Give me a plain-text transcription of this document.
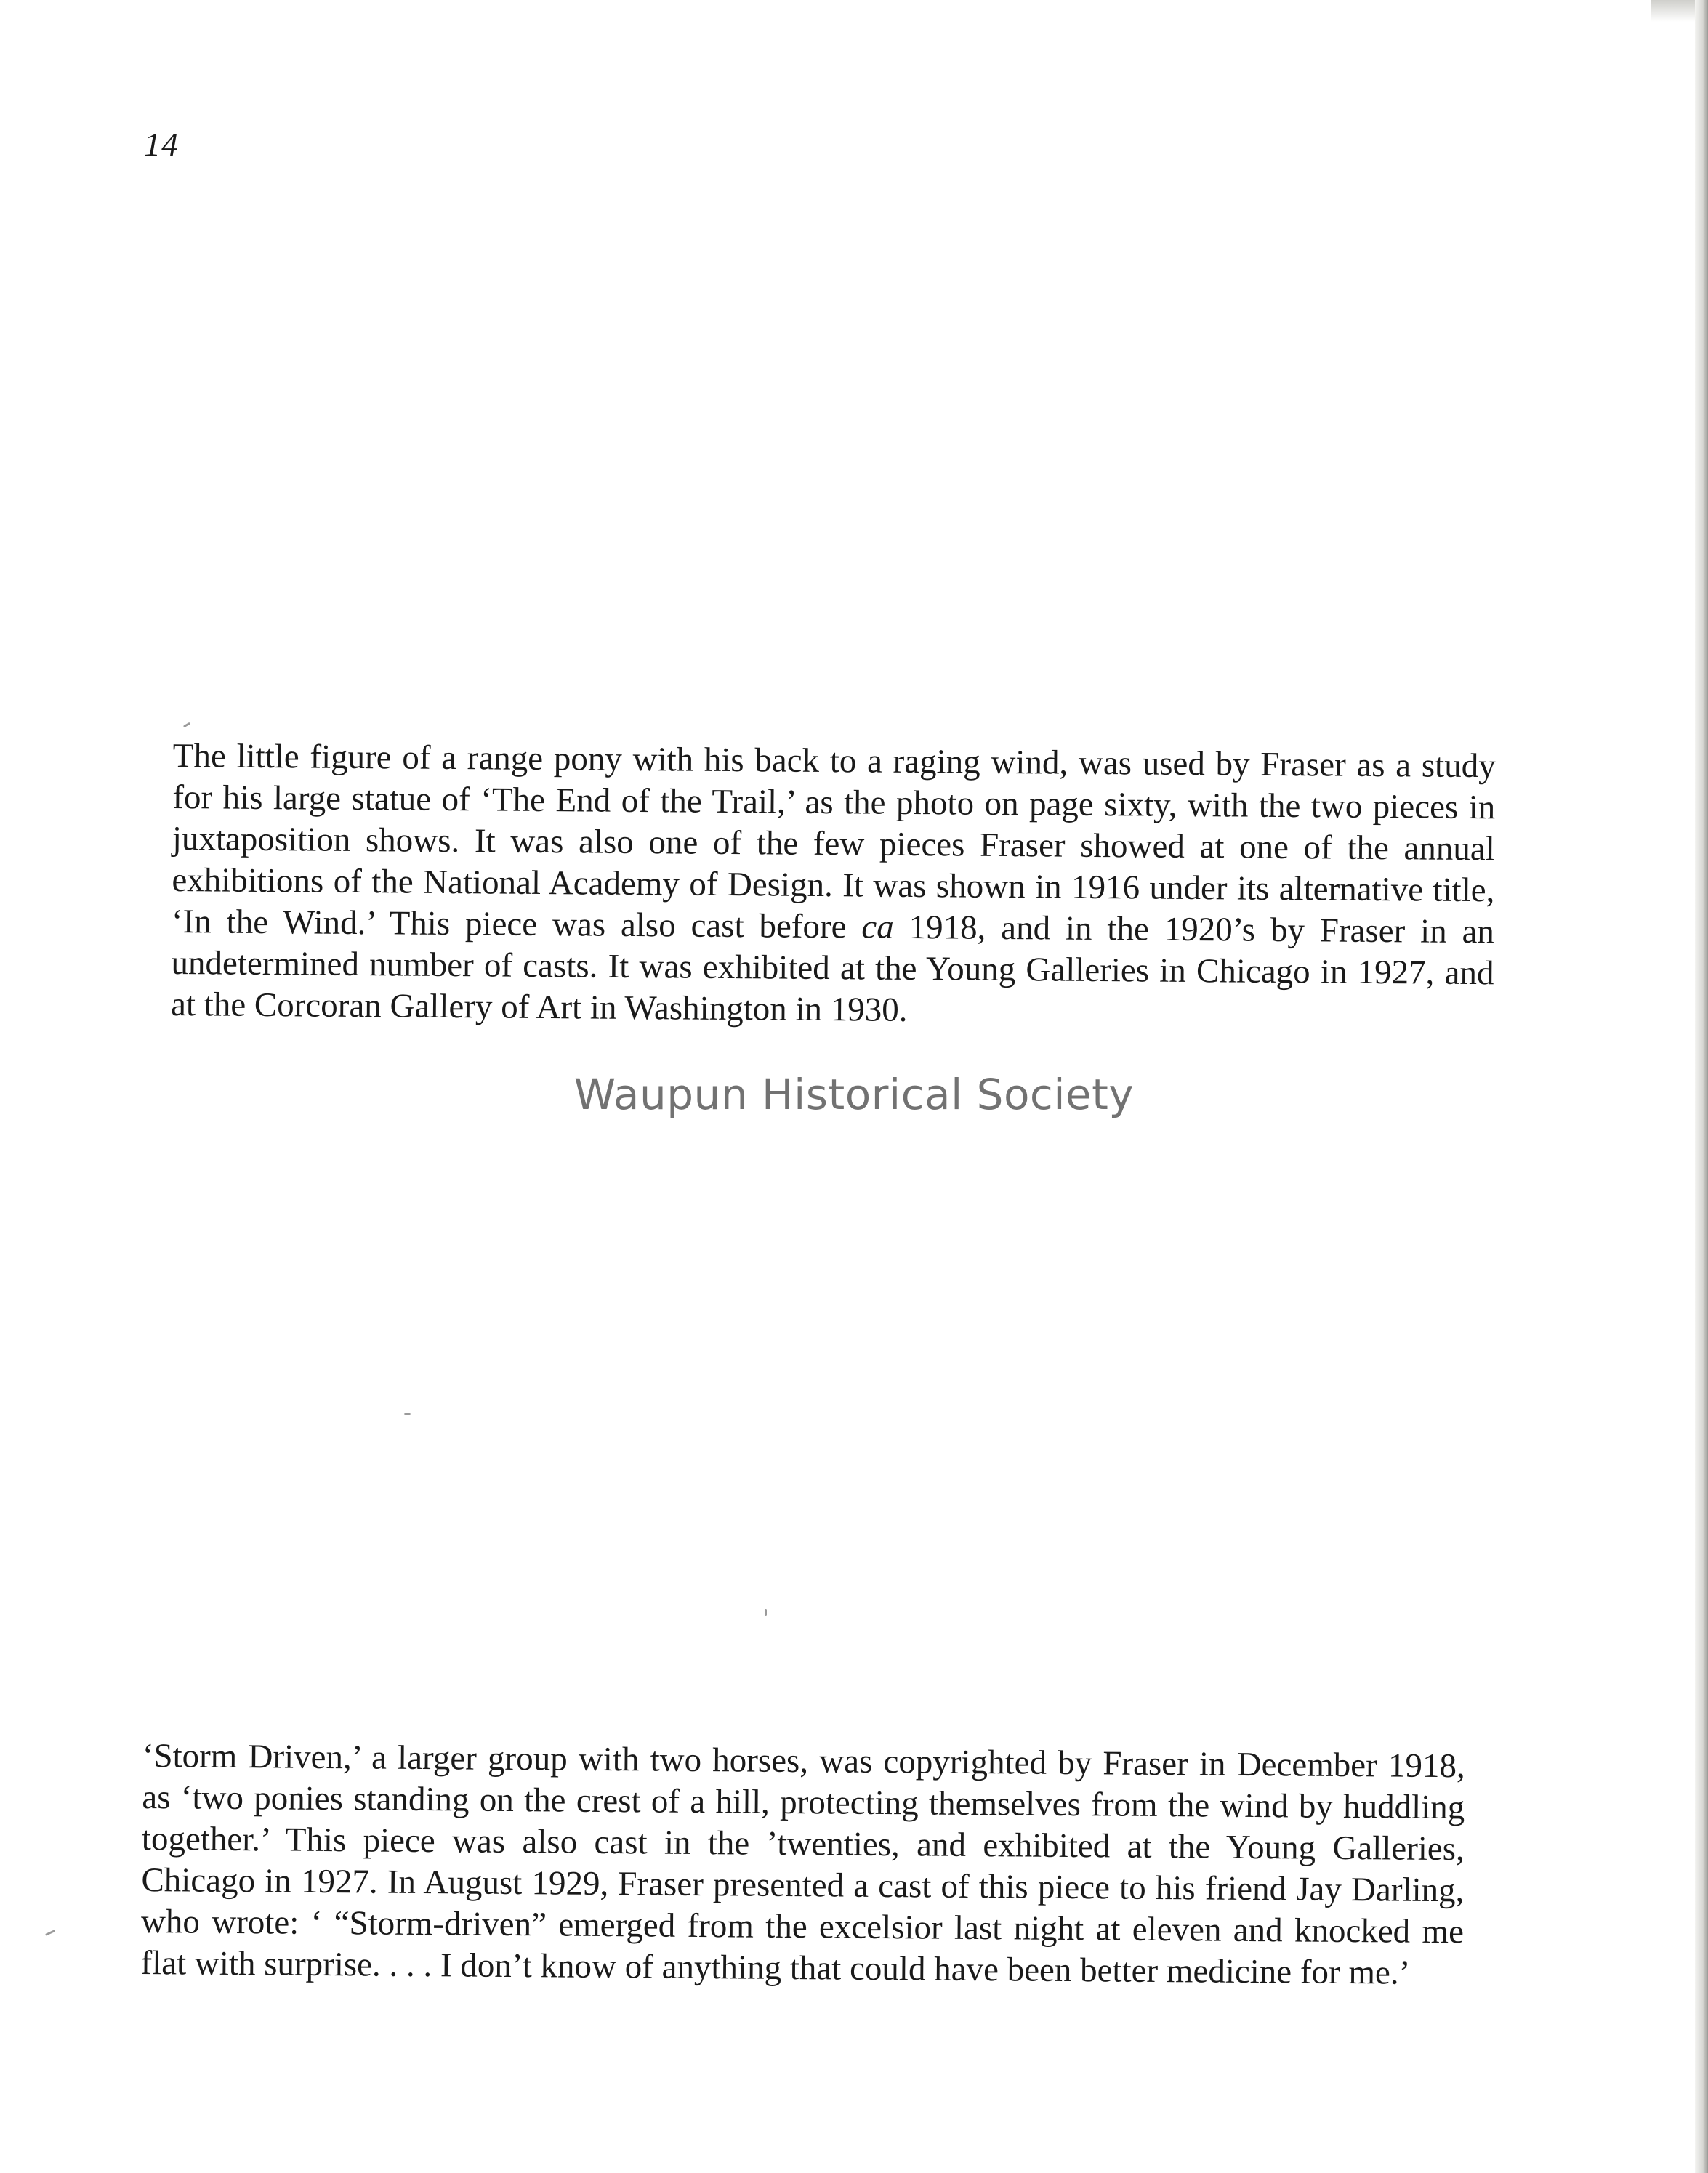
14

The little figure of a range pony with his back to a raging wind, was used by Fraser as a study for his large statue of ‘The End of the Trail,’ as the photo on page sixty, with the two pieces in juxtaposition shows. It was also one of the few pieces Fraser showed at one of the annual exhibitions of the National Academy of Design. It was shown in 1916 under its alternative title, ‘In the Wind.’ This piece was also cast before ca 1918, and in the 1920’s by Fraser in an undetermined number of casts. It was exhibited at the Young Galleries in Chicago in 1927, and at the Corcoran Gallery of Art in Washington in 1930.

Waupun Historical Society

‘Storm Driven,’ a larger group with two horses, was copyrighted by Fraser in December 1918, as ‘two ponies standing on the crest of a hill, protecting themselves from the wind by huddling together.’ This piece was also cast in the ’twenties, and exhibited at the Young Galleries, Chicago in 1927. In August 1929, Fraser presented a cast of this piece to his friend Jay Darling, who wrote: ‘ “Storm-driven” emerged from the excelsior last night at eleven and knocked me flat with surprise. . . . I don’t know of anything that could have been better medicine for me.’
